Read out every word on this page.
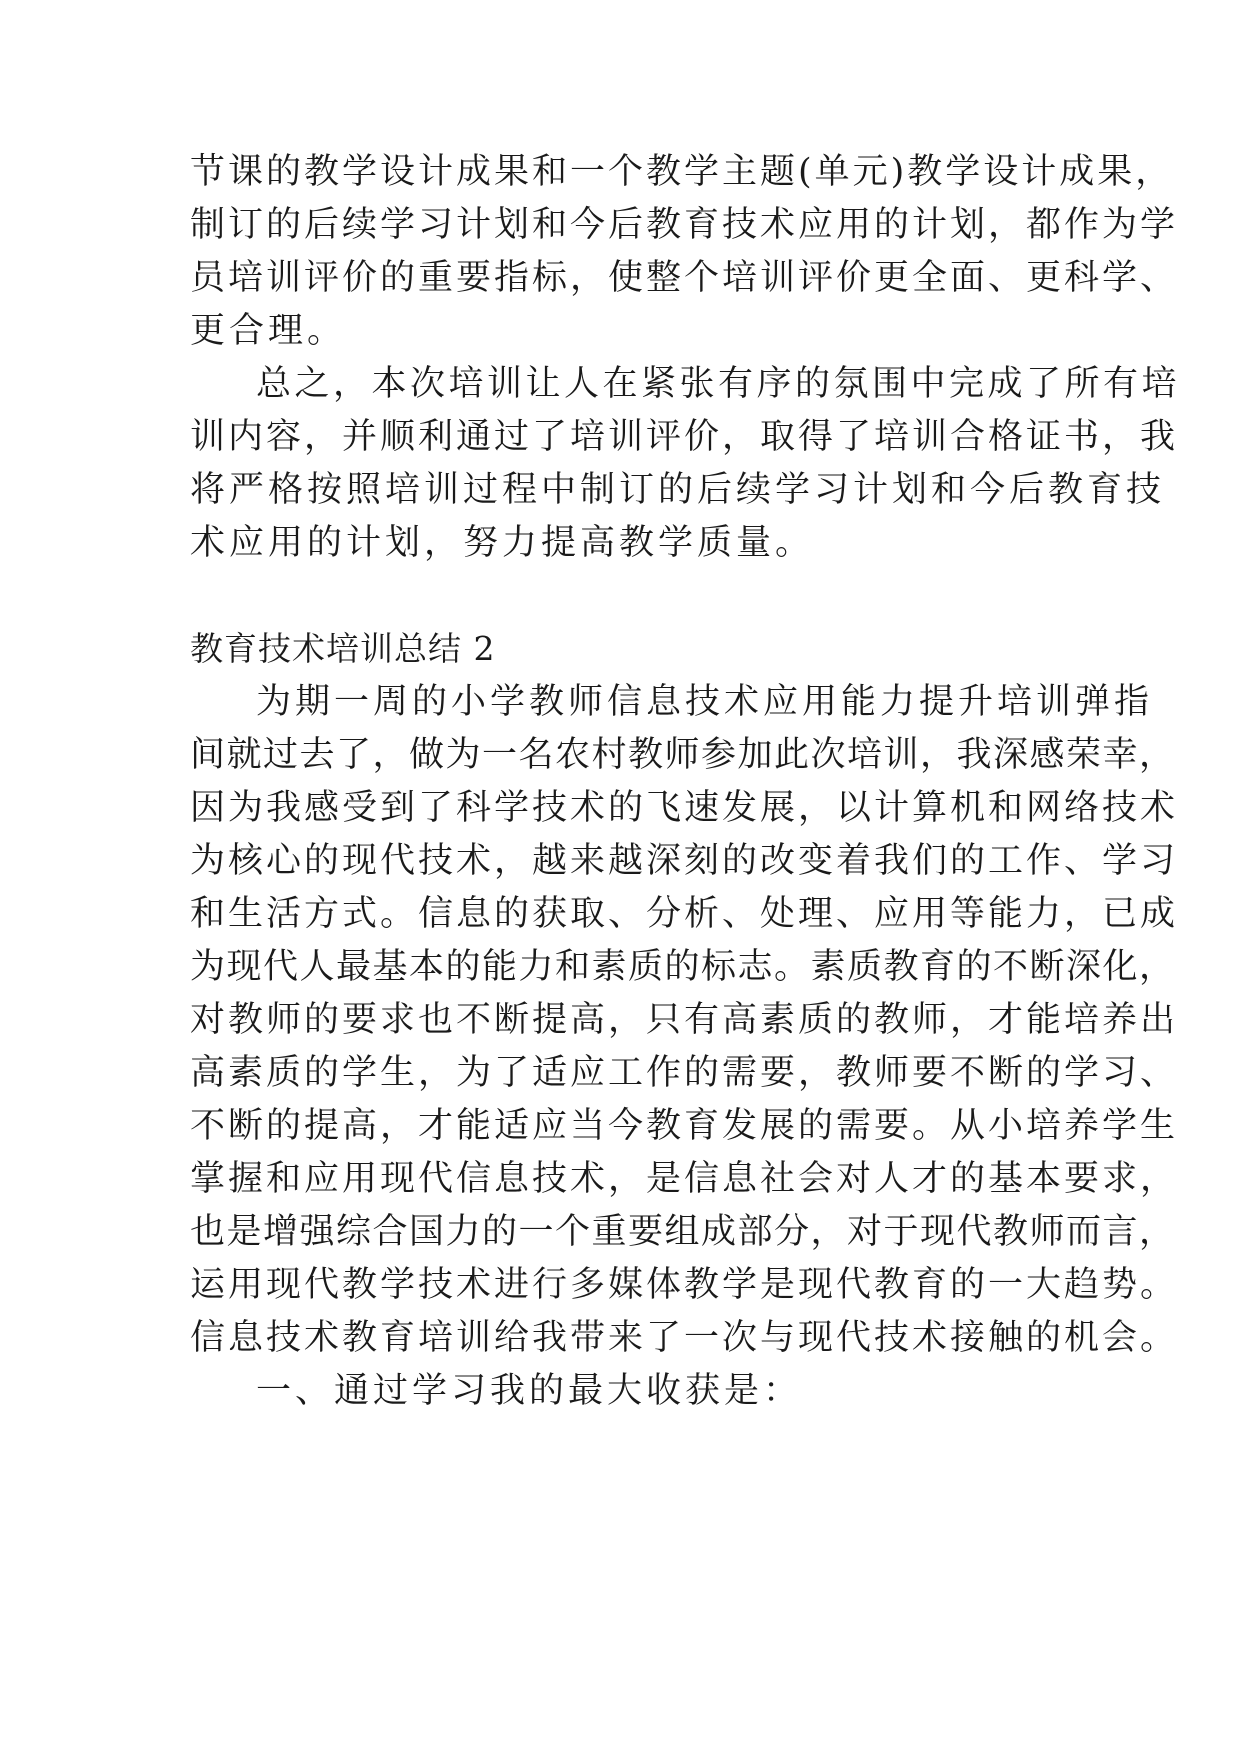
节课的教学设计成果和一个教学主题(单元)教学设计成果，
制订的后续学习计划和今后教育技术应用的计划，都作为学
员培训评价的重要指标，使整个培训评价更全面、更科学、
更合理。
总之，本次培训让人在紧张有序的氛围中完成了所有培
训内容，并顺利通过了培训评价，取得了培训合格证书，我
将严格按照培训过程中制订的后续学习计划和今后教育技
术应用的计划，努力提高教学质量。
教育技术培训总结 2
为期一周的小学教师信息技术应用能力提升培训弹指
间就过去了，做为一名农村教师参加此次培训，我深感荣幸，
因为我感受到了科学技术的飞速发展，以计算机和网络技术
为核心的现代技术，越来越深刻的改变着我们的工作、学习
和生活方式。信息的获取、分析、处理、应用等能力，已成
为现代人最基本的能力和素质的标志。素质教育的不断深化，
对教师的要求也不断提高，只有高素质的教师，才能培养出
高素质的学生，为了适应工作的需要，教师要不断的学习、
不断的提高，才能适应当今教育发展的需要。从小培养学生
掌握和应用现代信息技术，是信息社会对人才的基本要求，
也是增强综合国力的一个重要组成部分，对于现代教师而言，
运用现代教学技术进行多媒体教学是现代教育的一大趋势。
信息技术教育培训给我带来了一次与现代技术接触的机会。
一、通过学习我的最大收获是：
